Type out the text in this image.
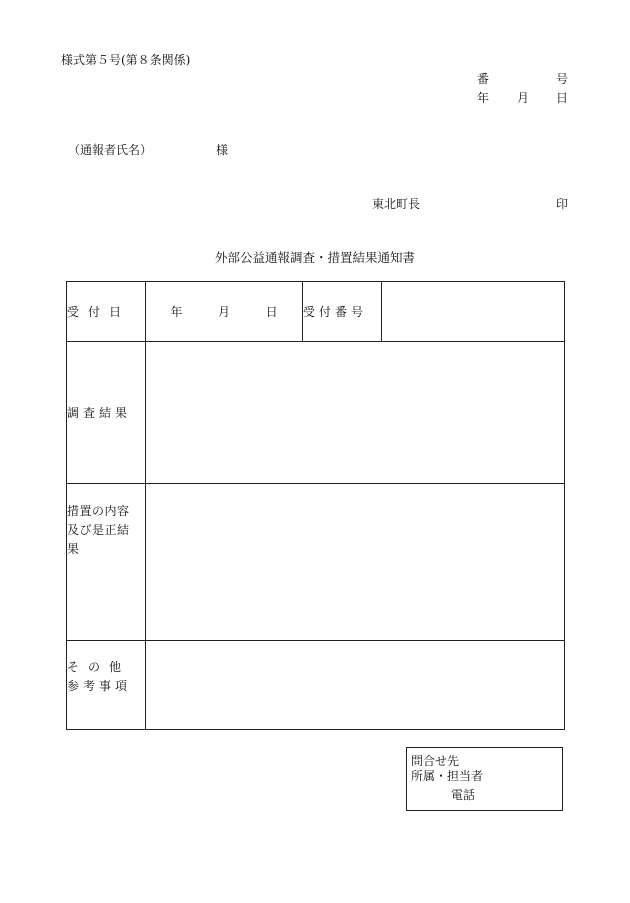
様式第５号(第８条関係)
番	号
年 月 日
（通報者氏名）	様
東北町長	印
外部公益通報調査・措置結果通知書
受付日	年 月 日	受付番号	
調査結果			

措置の内容
及び是正結
果			

その他
参考事項			

問合せ先
所属・担当者
電話
